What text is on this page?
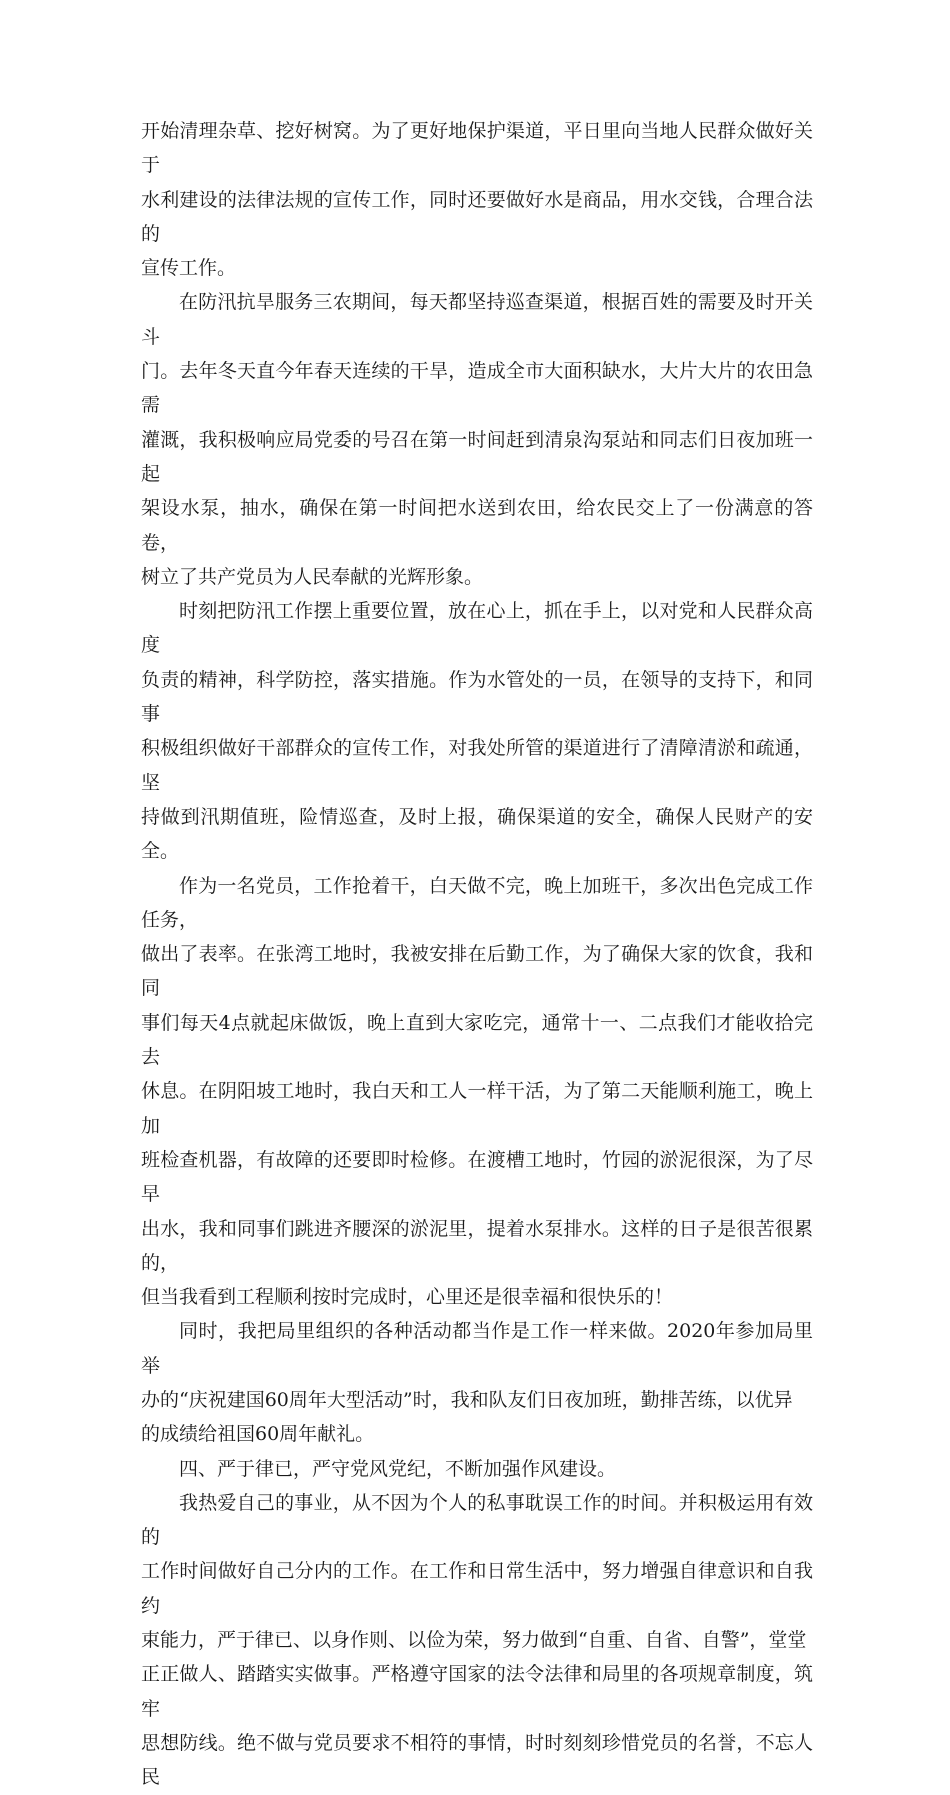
开始清理杂草、挖好树窝。为了更好地保护渠道，平日里向当地人民群众做好关于
水利建设的法律法规的宣传工作，同时还要做好水是商品，用水交钱，合理合法的
宣传工作。

在防汛抗旱服务三农期间，每天都坚持巡查渠道，根据百姓的需要及时开关斗
门。去年冬天直今年春天连续的干旱，造成全市大面积缺水，大片大片的农田急需
灌溉，我积极响应局党委的号召在第一时间赶到清泉沟泵站和同志们日夜加班一起
架设水泵，抽水，确保在第一时间把水送到农田，给农民交上了一份满意的答卷，
树立了共产党员为人民奉献的光辉形象。

时刻把防汛工作摆上重要位置，放在心上，抓在手上，以对党和人民群众高度
负责的精神，科学防控，落实措施。作为水管处的一员，在领导的支持下，和同事
积极组织做好干部群众的宣传工作，对我处所管的渠道进行了清障清淤和疏通，坚
持做到汛期值班，险情巡查，及时上报，确保渠道的安全，确保人民财产的安全。

作为一名党员，工作抢着干，白天做不完，晚上加班干，多次出色完成工作任务，
做出了表率。在张湾工地时，我被安排在后勤工作，为了确保大家的饮食，我和同
事们每天4点就起床做饭，晚上直到大家吃完，通常十一、二点我们才能收拾完去
休息。在阴阳坡工地时，我白天和工人一样干活，为了第二天能顺利施工，晚上加
班检查机器，有故障的还要即时检修。在渡槽工地时，竹园的淤泥很深，为了尽早
出水，我和同事们跳进齐腰深的淤泥里，提着水泵排水。这样的日子是很苦很累的，
但当我看到工程顺利按时完成时，心里还是很幸福和很快乐的！

同时，我把局里组织的各种活动都当作是工作一样来做。2020年参加局里举
办的“庆祝建国60周年大型活动”时，我和队友们日夜加班，勤排苦练，以优异
的成绩给祖国60周年献礼。

四、严于律已，严守党风党纪，不断加强作风建设。

我热爱自己的事业，从不因为个人的私事耽误工作的时间。并积极运用有效的
工作时间做好自己分内的工作。在工作和日常生活中，努力增强自律意识和自我约
束能力，严于律已、以身作则、以俭为荣，努力做到“自重、自省、自警”，堂堂
正正做人、踏踏实实做事。严格遵守国家的法令法律和局里的各项规章制度，筑牢
思想防线。绝不做与党员要求不相符的事情，时时刻刻珍惜党员的名誉，不忘人民
